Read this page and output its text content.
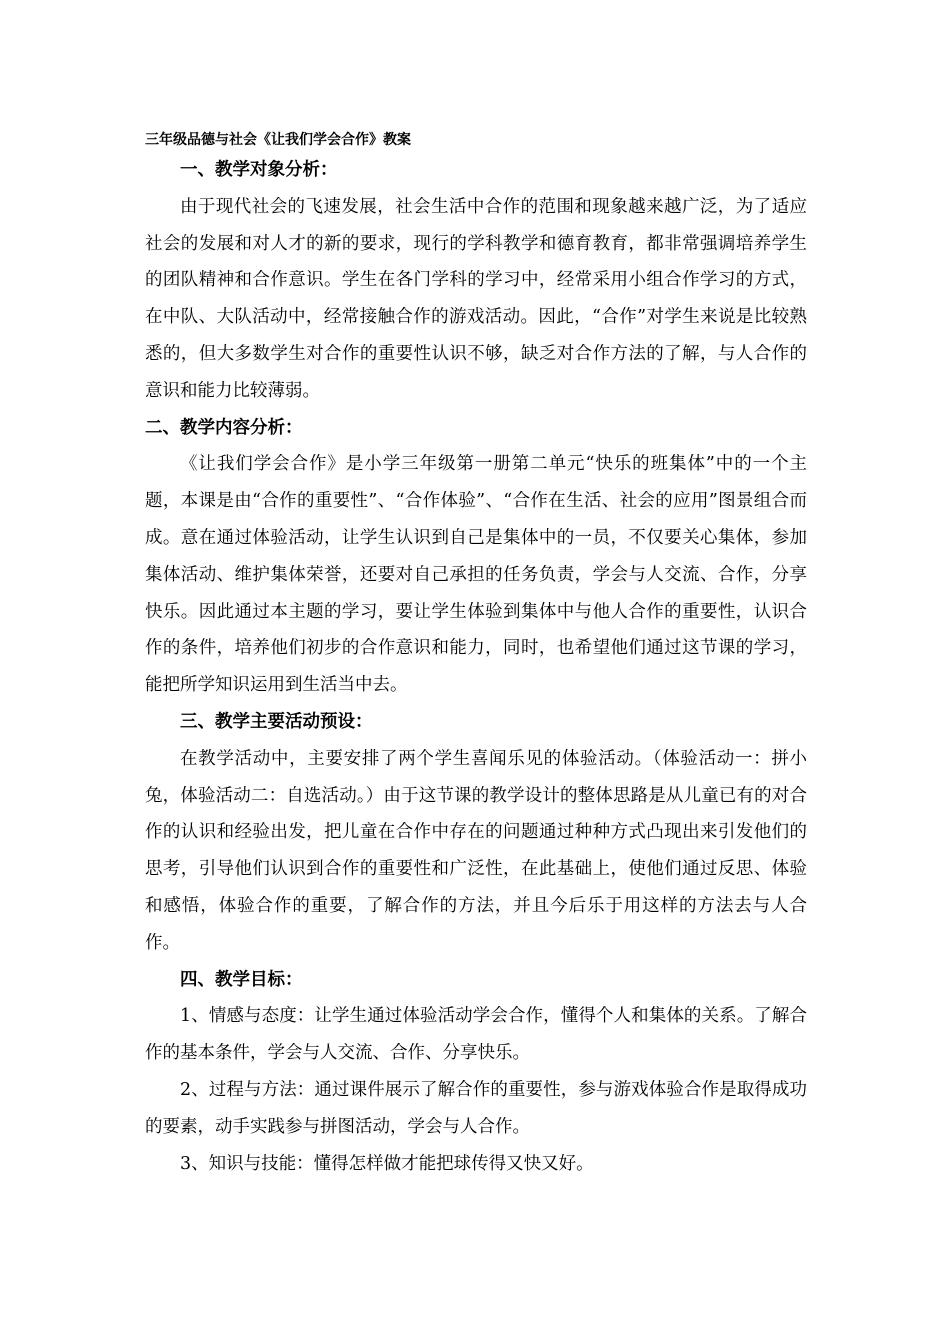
三年级品德与社会《让我们学会合作》教案
一、教学对象分析：

由于现代社会的飞速发展，社会生活中合作的范围和现象越来越广泛，为了适应社会的发展和对人才的新的要求，现行的学科教学和德育教育，都非常强调培养学生的团队精神和合作意识。学生在各门学科的学习中，经常采用小组合作学习的方式，在中队、大队活动中，经常接触合作的游戏活动。因此，“合作”对学生来说是比较熟悉的，但大多数学生对合作的重要性认识不够，缺乏对合作方法的了解，与人合作的意识和能力比较薄弱。

二、教学内容分析：

《让我们学会合作》是小学三年级第一册第二单元“快乐的班集体”中的一个主题，本课是由“合作的重要性”、“合作体验”、“合作在生活、社会的应用”图景组合而成。意在通过体验活动，让学生认识到自己是集体中的一员，不仅要关心集体，参加集体活动、维护集体荣誉，还要对自己承担的任务负责，学会与人交流、合作，分享快乐。因此通过本主题的学习，要让学生体验到集体中与他人合作的重要性，认识合作的条件，培养他们初步的合作意识和能力，同时，也希望他们通过这节课的学习，能把所学知识运用到生活当中去。

三、教学主要活动预设：

在教学活动中，主要安排了两个学生喜闻乐见的体验活动。（体验活动一：拼小兔，体验活动二：自选活动。）由于这节课的教学设计的整体思路是从儿童已有的对合作的认识和经验出发，把儿童在合作中存在的问题通过种种方式凸现出来引发他们的思考，引导他们认识到合作的重要性和广泛性，在此基础上，使他们通过反思、体验和感悟，体验合作的重要，了解合作的方法，并且今后乐于用这样的方法去与人合作。

四、教学目标：

1、情感与态度：让学生通过体验活动学会合作，懂得个人和集体的关系。了解合作的基本条件，学会与人交流、合作、分享快乐。

2、过程与方法：通过课件展示了解合作的重要性，参与游戏体验合作是取得成功的要素，动手实践参与拼图活动，学会与人合作。

3、知识与技能：懂得怎样做才能把球传得又快又好。
